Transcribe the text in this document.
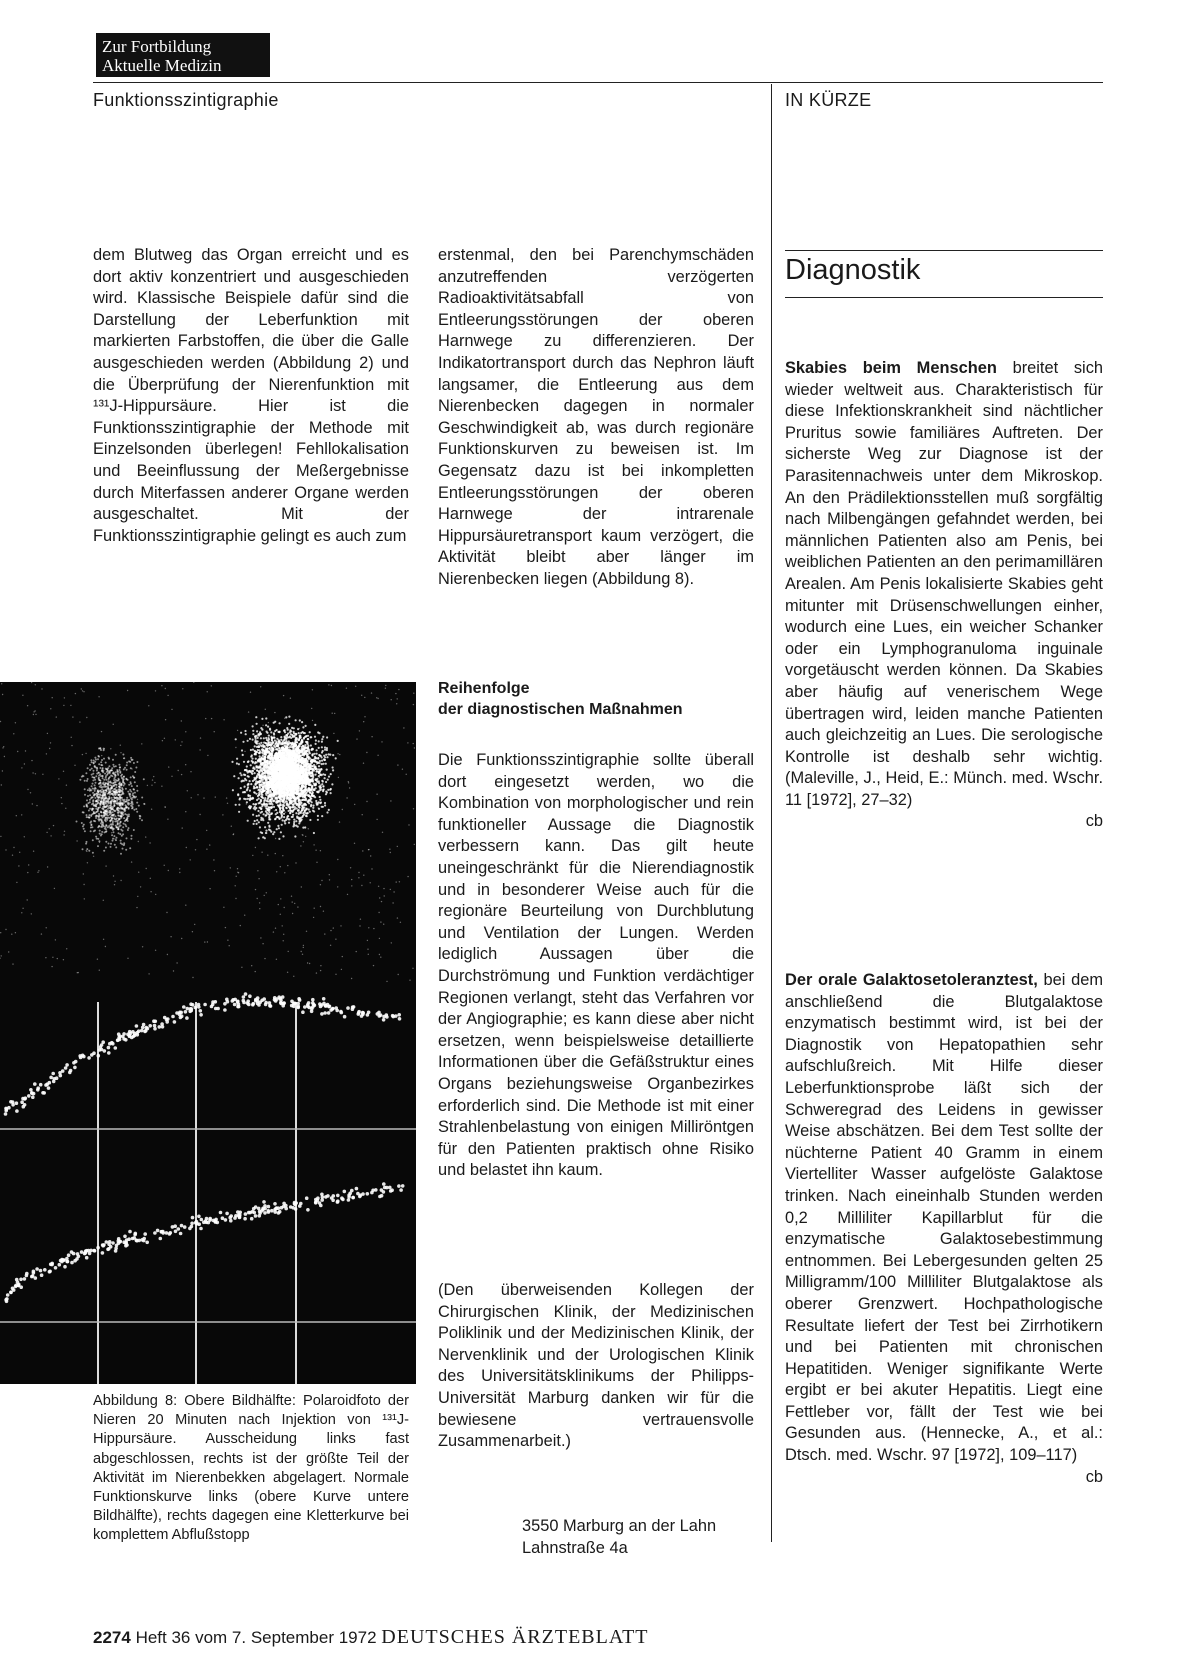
Zur Fortbildung
Aktuelle Medizin
Funktionsszintigraphie	IN KÜRZE

dem Blutweg das Organ erreicht und es dort aktiv konzentriert und ausgeschieden wird. Klassische Beispiele dafür sind die Darstellung der Leberfunktion mit markierten Farbstoffen, die über die Galle ausgeschieden werden (Abbildung 2) und die Überprüfung der Nierenfunktion mit ¹³¹J-Hippursäure. Hier ist die Funktionsszintigraphie der Methode mit Einzelsonden überlegen! Fehllokalisation und Beeinflussung der Meßergebnisse durch Miterfassen anderer Organe werden ausgeschaltet. Mit der Funktionsszintigraphie gelingt es auch zum

Abbildung 8: Obere Bildhälfte: Polaroidfoto der Nieren 20 Minuten nach Injektion von ¹³¹J-Hippursäure. Ausscheidung links fast abgeschlossen, rechts ist der größte Teil der Aktivität im Nierenbekken abgelagert. Normale Funktionskurve links (obere Kurve untere Bildhälfte), rechts dagegen eine Kletterkurve bei komplettem Abflußstopp

erstenmal, den bei Parenchymschäden anzutreffenden verzögerten Radioaktivitätsabfall von Entleerungsstörungen der oberen Harnwege zu differenzieren. Der Indikatortransport durch das Nephron läuft langsamer, die Entleerung aus dem Nierenbecken dagegen in normaler Geschwindigkeit ab, was durch regionäre Funktionskurven zu beweisen ist. Im Gegensatz dazu ist bei inkompletten Entleerungsstörungen der oberen Harnwege der intrarenale Hippursäuretransport kaum verzögert, die Aktivität bleibt aber länger im Nierenbecken liegen (Abbildung 8).

Reihenfolge
der diagnostischen Maßnahmen

Die Funktionsszintigraphie sollte überall dort eingesetzt werden, wo die Kombination von morphologischer und rein funktioneller Aussage die Diagnostik verbessern kann. Das gilt heute uneingeschränkt für die Nierendiagnostik und in besonderer Weise auch für die regionäre Beurteilung von Durchblutung und Ventilation der Lungen. Werden lediglich Aussagen über die Durchströmung und Funktion verdächtiger Regionen verlangt, steht das Verfahren vor der Angiographie; es kann diese aber nicht ersetzen, wenn beispielsweise detaillierte Informationen über die Gefäßstruktur eines Organs beziehungsweise Organbezirkes erforderlich sind. Die Methode ist mit einer Strahlenbelastung von einigen Milliröntgen für den Patienten praktisch ohne Risiko und belastet ihn kaum.

(Den überweisenden Kollegen der Chirurgischen Klinik, der Medizinischen Poliklinik und der Medizinischen Klinik, der Nervenklinik und der Urologischen Klinik des Universitätsklinikums der Philipps-Universität Marburg danken wir für die bewiesene vertrauensvolle Zusammenarbeit.)

3550 Marburg an der Lahn
Lahnstraße 4a
Diagnostik

Skabies beim Menschen breitet sich wieder weltweit aus. Charakteristisch für diese Infektionskrankheit sind nächtlicher Pruritus sowie familiäres Auftreten. Der sicherste Weg zur Diagnose ist der Parasitennachweis unter dem Mikroskop. An den Prädilektionsstellen muß sorgfältig nach Milbengängen gefahndet werden, bei männlichen Patienten also am Penis, bei weiblichen Patienten an den perimamillären Arealen. Am Penis lokalisierte Skabies geht mitunter mit Drüsenschwellungen einher, wodurch eine Lues, ein weicher Schanker oder ein Lymphogranuloma inguinale vorgetäuscht werden können. Da Skabies aber häufig auf venerischem Wege übertragen wird, leiden manche Patienten auch gleichzeitig an Lues. Die serologische Kontrolle ist deshalb sehr wichtig. (Maleville, J., Heid, E.: Münch. med. Wschr. 11 [1972], 27–32)

cb

Der orale Galaktosetoleranztest, bei dem anschließend die Blutgalaktose enzymatisch bestimmt wird, ist bei der Diagnostik von Hepatopathien sehr aufschlußreich. Mit Hilfe dieser Leberfunktionsprobe läßt sich der Schweregrad des Leidens in gewisser Weise abschätzen. Bei dem Test sollte der nüchterne Patient 40 Gramm in einem Viertelliter Wasser aufgelöste Galaktose trinken. Nach eineinhalb Stunden werden 0,2 Milliliter Kapillarblut für die enzymatische Galaktosebestimmung entnommen. Bei Lebergesunden gelten 25 Milligramm/100 Milliliter Blutgalaktose als oberer Grenzwert. Hochpathologische Resultate liefert der Test bei Zirrhotikern und bei Patienten mit chronischen Hepatitiden. Weniger signifikante Werte ergibt er bei akuter Hepatitis. Liegt eine Fettleber vor, fällt der Test wie bei Gesunden aus. (Hennecke, A., et al.: Dtsch. med. Wschr. 97 [1972], 109–117)

cb
2274 Heft 36 vom 7. September 1972 DEUTSCHES ÄRZTEBLATT
